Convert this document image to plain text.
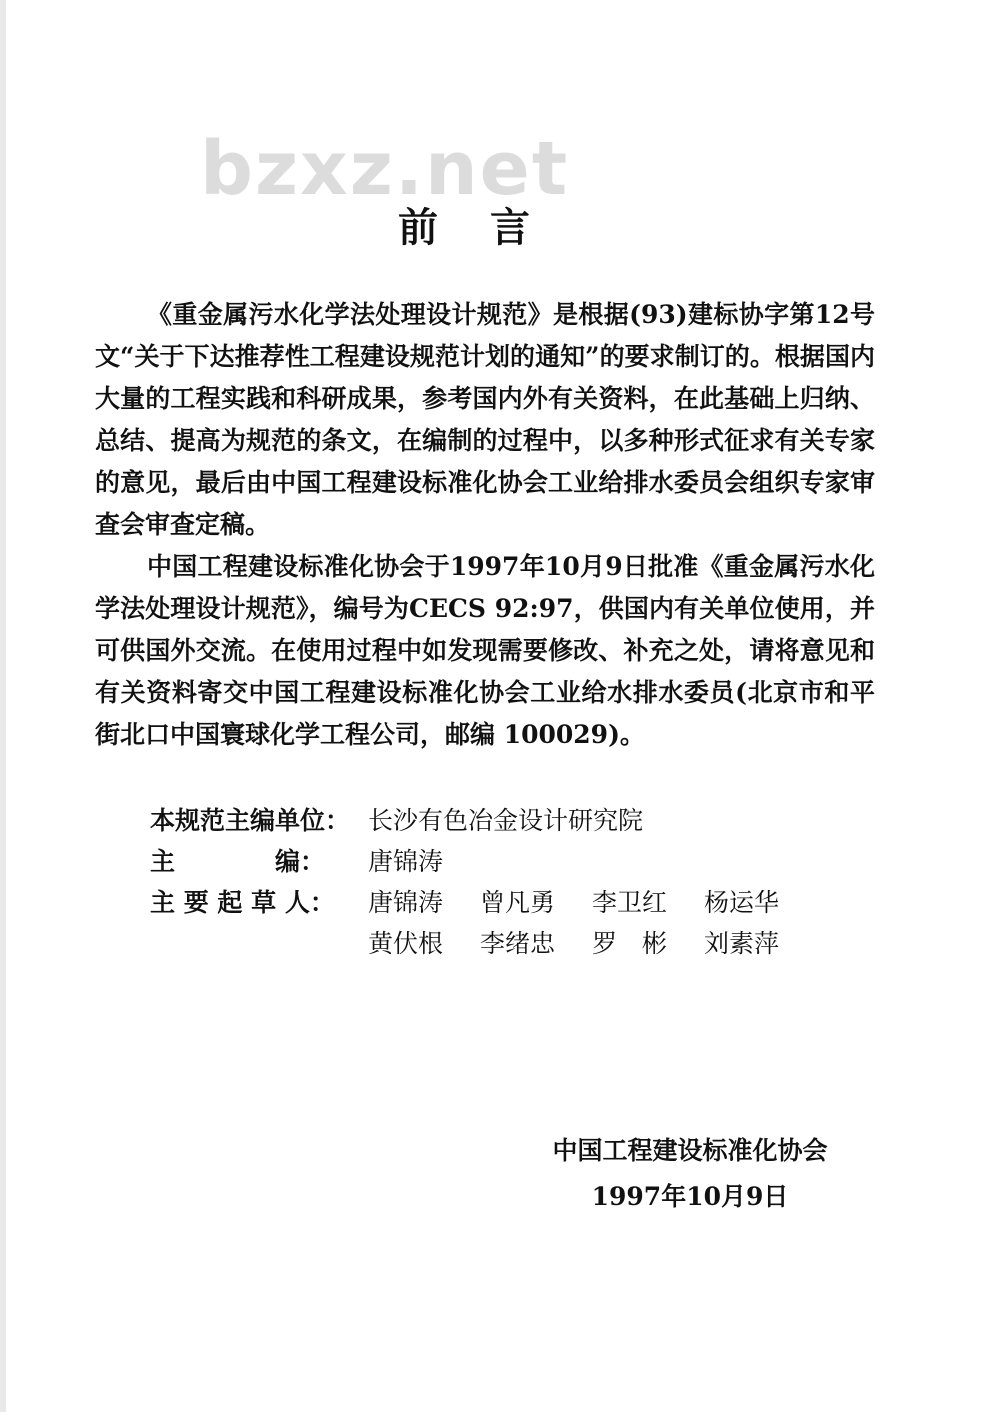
bzxz.net
前言

《重金属污水化学法处理设计规范》是根据(93)建标协字第12号文“关于下达推荐性工程建设规范计划的通知”的要求制订的。根据国内大量的工程实践和科研成果，参考国内外有关资料，在此基础上归纳、总结、提高为规范的条文，在编制的过程中，以多种形式征求有关专家的意见，最后由中国工程建设标准化协会工业给排水委员会组织专家审查会审查定稿。

中国工程建设标准化协会于1997年10月9日批准《重金属污水化学法处理设计规范》，编号为CECS 92:97，供国内有关单位使用，并可供国外交流。在使用过程中如发现需要修改、补充之处，请将意见和有关资料寄交中国工程建设标准化协会工业给水排水委员(北京市和平街北口中国寰球化学工程公司，邮编 100029)。

本规范主编单位： 长沙有色冶金设计研究院
主　　　　编：	唐锦涛
主 要 起 草 人：	唐锦涛	曾凡勇	李卫红	杨运华
黄伏根	李绪忠	罗　彬	刘素萍
中国工程建设标准化协会
1997年10月9日
